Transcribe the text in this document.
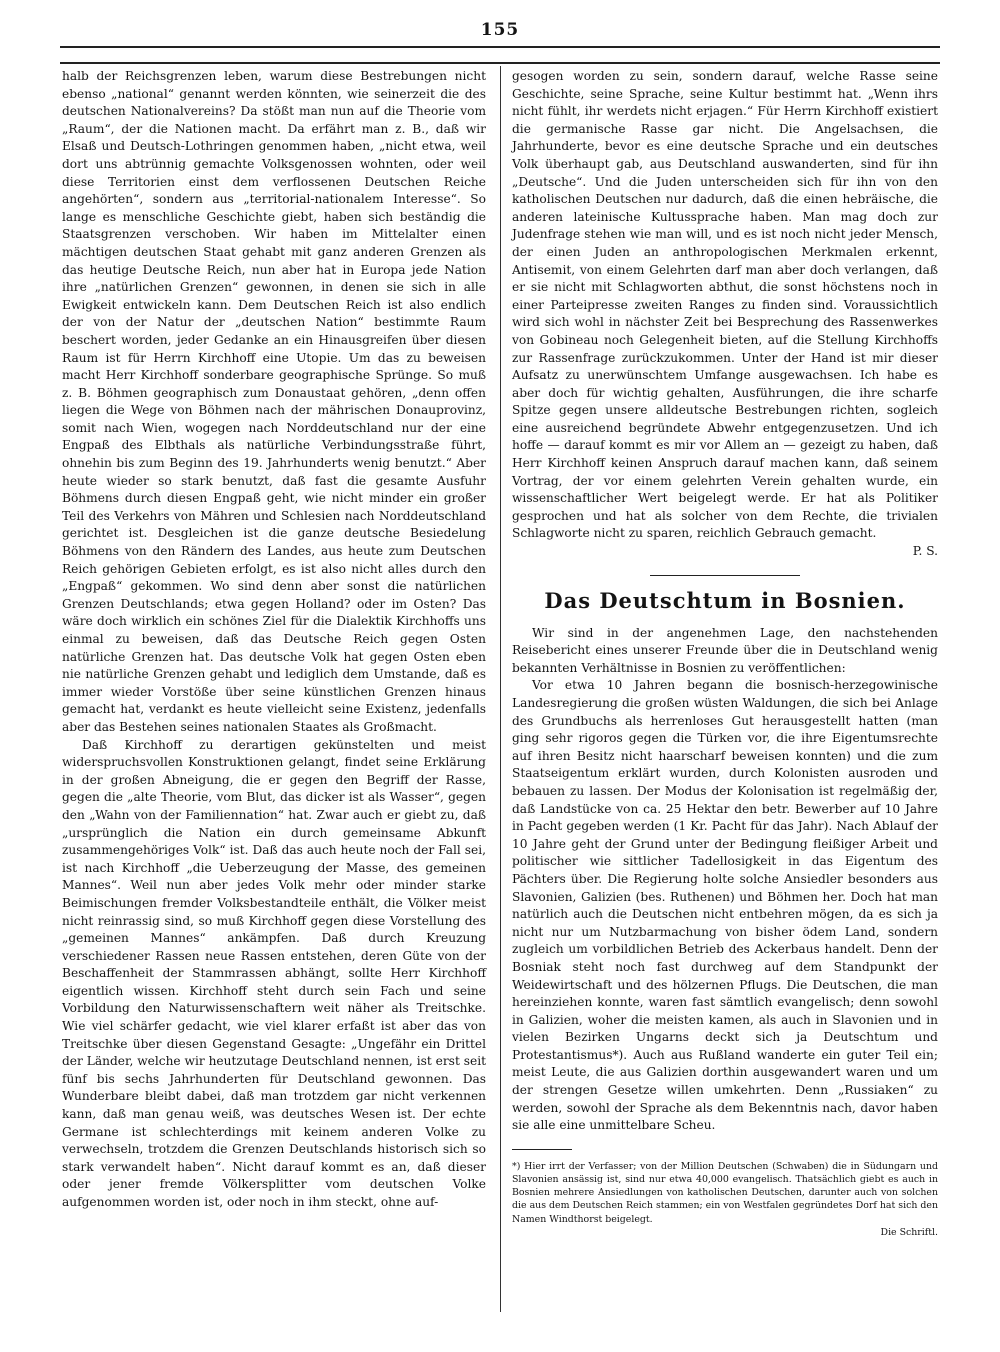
155

halb der Reichsgrenzen leben, warum diese Bestrebungen nicht ebenso „national“ genannt werden könnten, wie seinerzeit die des deutschen Nationalvereins? Da stößt man nun auf die Theorie vom „Raum“, der die Nationen macht. Da erfährt man z. B., daß wir Elsaß und Deutsch-Lothringen genommen haben, „nicht etwa, weil dort uns abtrünnig gemachte Volksgenossen wohnten, oder weil diese Territorien einst dem verflossenen Deutschen Reiche angehörten“, sondern aus „territorial-nationalem Interesse“. So lange es menschliche Geschichte giebt, haben sich beständig die Staatsgrenzen verschoben. Wir haben im Mittelalter einen mächtigen deutschen Staat gehabt mit ganz anderen Grenzen als das heutige Deutsche Reich, nun aber hat in Europa jede Nation ihre „natürlichen Grenzen“ gewonnen, in denen sie sich in alle Ewigkeit entwickeln kann. Dem Deutschen Reich ist also endlich der von der Natur der „deutschen Nation“ bestimmte Raum beschert worden, jeder Gedanke an ein Hinausgreifen über diesen Raum ist für Herrn Kirchhoff eine Utopie. Um das zu beweisen macht Herr Kirchhoff sonderbare geographische Sprünge. So muß z. B. Böhmen geographisch zum Donaustaat gehören, „denn offen liegen die Wege von Böhmen nach der mährischen Donauprovinz, somit nach Wien, wogegen nach Norddeutschland nur der eine Engpaß des Elbthals als natürliche Verbindungsstraße führt, ohnehin bis zum Beginn des 19. Jahrhunderts wenig benutzt.“ Aber heute wieder so stark benutzt, daß fast die gesamte Ausfuhr Böhmens durch diesen Engpaß geht, wie nicht minder ein großer Teil des Verkehrs von Mähren und Schlesien nach Norddeutschland gerichtet ist. Desgleichen ist die ganze deutsche Besiedelung Böhmens von den Rändern des Landes, aus heute zum Deutschen Reich gehörigen Gebieten erfolgt, es ist also nicht alles durch den „Engpaß“ gekommen. Wo sind denn aber sonst die natürlichen Grenzen Deutschlands; etwa gegen Holland? oder im Osten? Das wäre doch wirklich ein schönes Ziel für die Dialektik Kirchhoffs uns einmal zu beweisen, daß das Deutsche Reich gegen Osten natürliche Grenzen hat. Das deutsche Volk hat gegen Osten eben nie natürliche Grenzen gehabt und lediglich dem Umstande, daß es immer wieder Vorstöße über seine künstlichen Grenzen hinaus gemacht hat, verdankt es heute vielleicht seine Existenz, jedenfalls aber das Bestehen seines nationalen Staates als Großmacht.

Daß Kirchhoff zu derartigen gekünstelten und meist widerspruchsvollen Konstruktionen gelangt, findet seine Erklärung in der großen Abneigung, die er gegen den Begriff der Rasse, gegen die „alte Theorie, vom Blut, das dicker ist als Wasser“, gegen den „Wahn von der Familiennation“ hat. Zwar auch er giebt zu, daß „ursprünglich die Nation ein durch gemeinsame Abkunft zusammengehöriges Volk“ ist. Daß das auch heute noch der Fall sei, ist nach Kirchhoff „die Ueberzeugung der Masse, des gemeinen Mannes“. Weil nun aber jedes Volk mehr oder minder starke Beimischungen fremder Volksbestandteile enthält, die Völker meist nicht reinrassig sind, so muß Kirchhoff gegen diese Vorstellung des „gemeinen Mannes“ ankämpfen. Daß durch Kreuzung verschiedener Rassen neue Rassen entstehen, deren Güte von der Beschaffenheit der Stammrassen abhängt, sollte Herr Kirchhoff eigentlich wissen. Kirchhoff steht durch sein Fach und seine Vorbildung den Naturwissenschaftern weit näher als Treitschke. Wie viel schärfer gedacht, wie viel klarer erfaßt ist aber das von Treitschke über diesen Gegenstand Gesagte: „Ungefähr ein Drittel der Länder, welche wir heutzutage Deutschland nennen, ist erst seit fünf bis sechs Jahrhunderten für Deutschland gewonnen. Das Wunderbare bleibt dabei, daß man trotzdem gar nicht verkennen kann, daß man genau weiß, was deutsches Wesen ist. Der echte Germane ist schlechterdings mit keinem anderen Volke zu verwechseln, trotzdem die Grenzen Deutschlands historisch sich so stark verwandelt haben“. Nicht darauf kommt es an, daß dieser oder jener fremde Völkersplitter vom deutschen Volke aufgenommen worden ist, oder noch in ihm steckt, ohne auf-

gesogen worden zu sein, sondern darauf, welche Rasse seine Geschichte, seine Sprache, seine Kultur bestimmt hat. „Wenn ihrs nicht fühlt, ihr werdets nicht erjagen.“ Für Herrn Kirchhoff existiert die germanische Rasse gar nicht. Die Angelsachsen, die Jahrhunderte, bevor es eine deutsche Sprache und ein deutsches Volk überhaupt gab, aus Deutschland auswanderten, sind für ihn „Deutsche“. Und die Juden unterscheiden sich für ihn von den katholischen Deutschen nur dadurch, daß die einen hebräische, die anderen lateinische Kultussprache haben. Man mag doch zur Judenfrage stehen wie man will, und es ist noch nicht jeder Mensch, der einen Juden an anthropologischen Merkmalen erkennt, Antisemit, von einem Gelehrten darf man aber doch verlangen, daß er sie nicht mit Schlagworten abthut, die sonst höchstens noch in einer Parteipresse zweiten Ranges zu finden sind. Voraussichtlich wird sich wohl in nächster Zeit bei Besprechung des Rassenwerkes von Gobineau noch Gelegenheit bieten, auf die Stellung Kirchhoffs zur Rassenfrage zurückzukommen. Unter der Hand ist mir dieser Aufsatz zu unerwünschtem Umfange ausgewachsen. Ich habe es aber doch für wichtig gehalten, Ausführungen, die ihre scharfe Spitze gegen unsere alldeutsche Bestrebungen richten, sogleich eine ausreichend begründete Abwehr entgegenzusetzen. Und ich hoffe — darauf kommt es mir vor Allem an — gezeigt zu haben, daß Herr Kirchhoff keinen Anspruch darauf machen kann, daß seinem Vortrag, der vor einem gelehrten Verein gehalten wurde, ein wissenschaftlicher Wert beigelegt werde. Er hat als Politiker gesprochen und hat als solcher von dem Rechte, die trivialen Schlagworte nicht zu sparen, reichlich Gebrauch gemacht.

P. S.
Das Deutschtum in Bosnien.

Wir sind in der angenehmen Lage, den nachstehenden Reisebericht eines unserer Freunde über die in Deutschland wenig bekannten Verhältnisse in Bosnien zu veröffentlichen:

Vor etwa 10 Jahren begann die bosnisch-herzegowinische Landesregierung die großen wüsten Waldungen, die sich bei Anlage des Grundbuchs als herrenloses Gut herausgestellt hatten (man ging sehr rigoros gegen die Türken vor, die ihre Eigentumsrechte auf ihren Besitz nicht haarscharf beweisen konnten) und die zum Staatseigentum erklärt wurden, durch Kolonisten ausroden und bebauen zu lassen. Der Modus der Kolonisation ist regelmäßig der, daß Landstücke von ca. 25 Hektar den betr. Bewerber auf 10 Jahre in Pacht gegeben werden (1 Kr. Pacht für das Jahr). Nach Ablauf der 10 Jahre geht der Grund unter der Bedingung fleißiger Arbeit und politischer wie sittlicher Tadellosigkeit in das Eigentum des Pächters über. Die Regierung holte solche Ansiedler besonders aus Slavonien, Galizien (bes. Ruthenen) und Böhmen her. Doch hat man natürlich auch die Deutschen nicht entbehren mögen, da es sich ja nicht nur um Nutzbarmachung von bisher ödem Land, sondern zugleich um vorbildlichen Betrieb des Ackerbaus handelt. Denn der Bosniak steht noch fast durchweg auf dem Standpunkt der Weidewirtschaft und des hölzernen Pflugs. Die Deutschen, die man hereinziehen konnte, waren fast sämtlich evangelisch; denn sowohl in Galizien, woher die meisten kamen, als auch in Slavonien und in vielen Bezirken Ungarns deckt sich ja Deutschtum und Protestantismus*). Auch aus Rußland wanderte ein guter Teil ein; meist Leute, die aus Galizien dorthin ausgewandert waren und um der strengen Gesetze willen umkehrten. Denn „Russiaken“ zu werden, sowohl der Sprache als dem Bekenntnis nach, davor haben sie alle eine unmittelbare Scheu.

*) Hier irrt der Verfasser; von der Million Deutschen (Schwaben) die in Südungarn und Slavonien ansässig ist, sind nur etwa 40,000 evangelisch. Thatsächlich giebt es auch in Bosnien mehrere Ansiedlungen von katholischen Deutschen, darunter auch von solchen die aus dem Deutschen Reich stammen; ein von Westfalen gegründetes Dorf hat sich den Namen Windthorst beigelegt.

Die Schriftl.
